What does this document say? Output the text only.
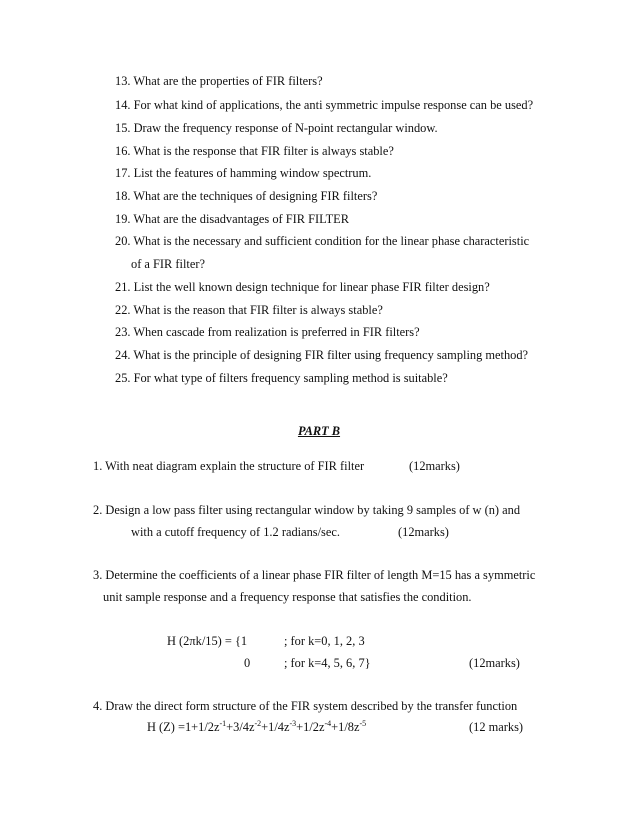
13. What are the properties of FIR filters?
14. For what kind of applications, the anti symmetric impulse response can be used?
15. Draw the frequency response of N-point rectangular window.
16. What is the response that FIR filter is always stable?
17. List the features of hamming window spectrum.
18. What are the techniques of designing FIR filters?
19. What are the disadvantages of FIR FILTER
20. What is the necessary and sufficient condition for the linear phase characteristic
of a FIR filter?
21. List the well known design technique for linear phase FIR filter design?
22. What is the reason that FIR filter is always stable?
23. When cascade from realization is preferred in FIR filters?
24. What is the principle of designing FIR filter using frequency sampling method?
25. For what type of filters frequency sampling method is suitable?
PART B
1. With neat diagram explain the structure of FIR filter	(12marks)
2. Design a low pass filter using rectangular window by taking 9 samples of w (n) and
with a cutoff frequency of 1.2 radians/sec.	(12marks)
3. Determine the coefficients of a linear phase FIR filter of length M=15 has a symmetric
unit sample response and a frequency response that satisfies the condition.
H (2πk/15) = {1	; for k=0, 1, 2, 3
0	; for k=4, 5, 6, 7}	(12marks)
4. Draw the direct form structure of the FIR system described by the transfer function
H $(Z) =1+1/2z^{-1}+3/4z^{-2}+1/4z^{-3}+1/2z^{-4}+1/8z^{-5}$	(12 marks)
